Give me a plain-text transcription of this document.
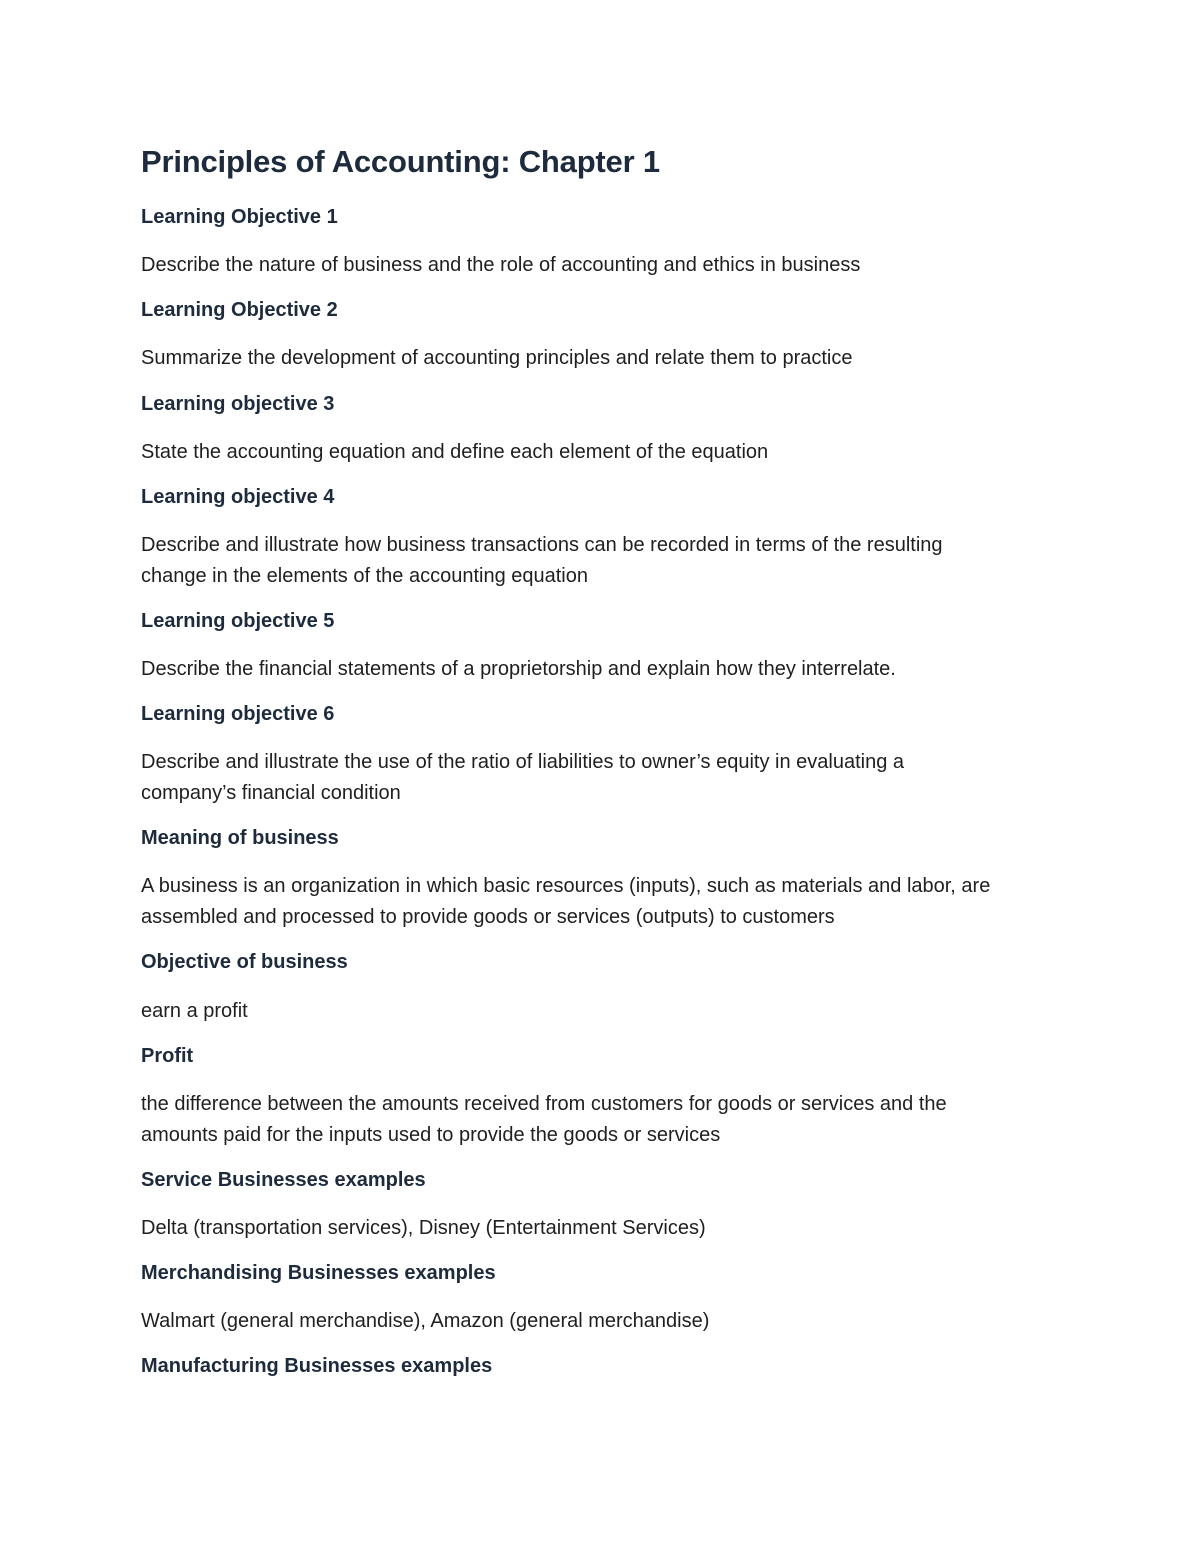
Principles of Accounting: Chapter 1
Learning Objective 1

Describe the nature of business and the role of accounting and ethics in business

Learning Objective 2

Summarize the development of accounting principles and relate them to practice

Learning objective 3

State the accounting equation and define each element of the equation

Learning objective 4

Describe and illustrate how business transactions can be recorded in terms of the resulting
change in the elements of the accounting equation

Learning objective 5

Describe the financial statements of a proprietorship and explain how they interrelate.

Learning objective 6

Describe and illustrate the use of the ratio of liabilities to owner’s equity in evaluating a
company’s financial condition

Meaning of business

A business is an organization in which basic resources (inputs), such as materials and labor, are
assembled and processed to provide goods or services (outputs) to customers

Objective of business

earn a profit

Profit

the difference between the amounts received from customers for goods or services and the
amounts paid for the inputs used to provide the goods or services

Service Businesses examples

Delta (transportation services), Disney (Entertainment Services)

Merchandising Businesses examples

Walmart (general merchandise), Amazon (general merchandise)

Manufacturing Businesses examples
